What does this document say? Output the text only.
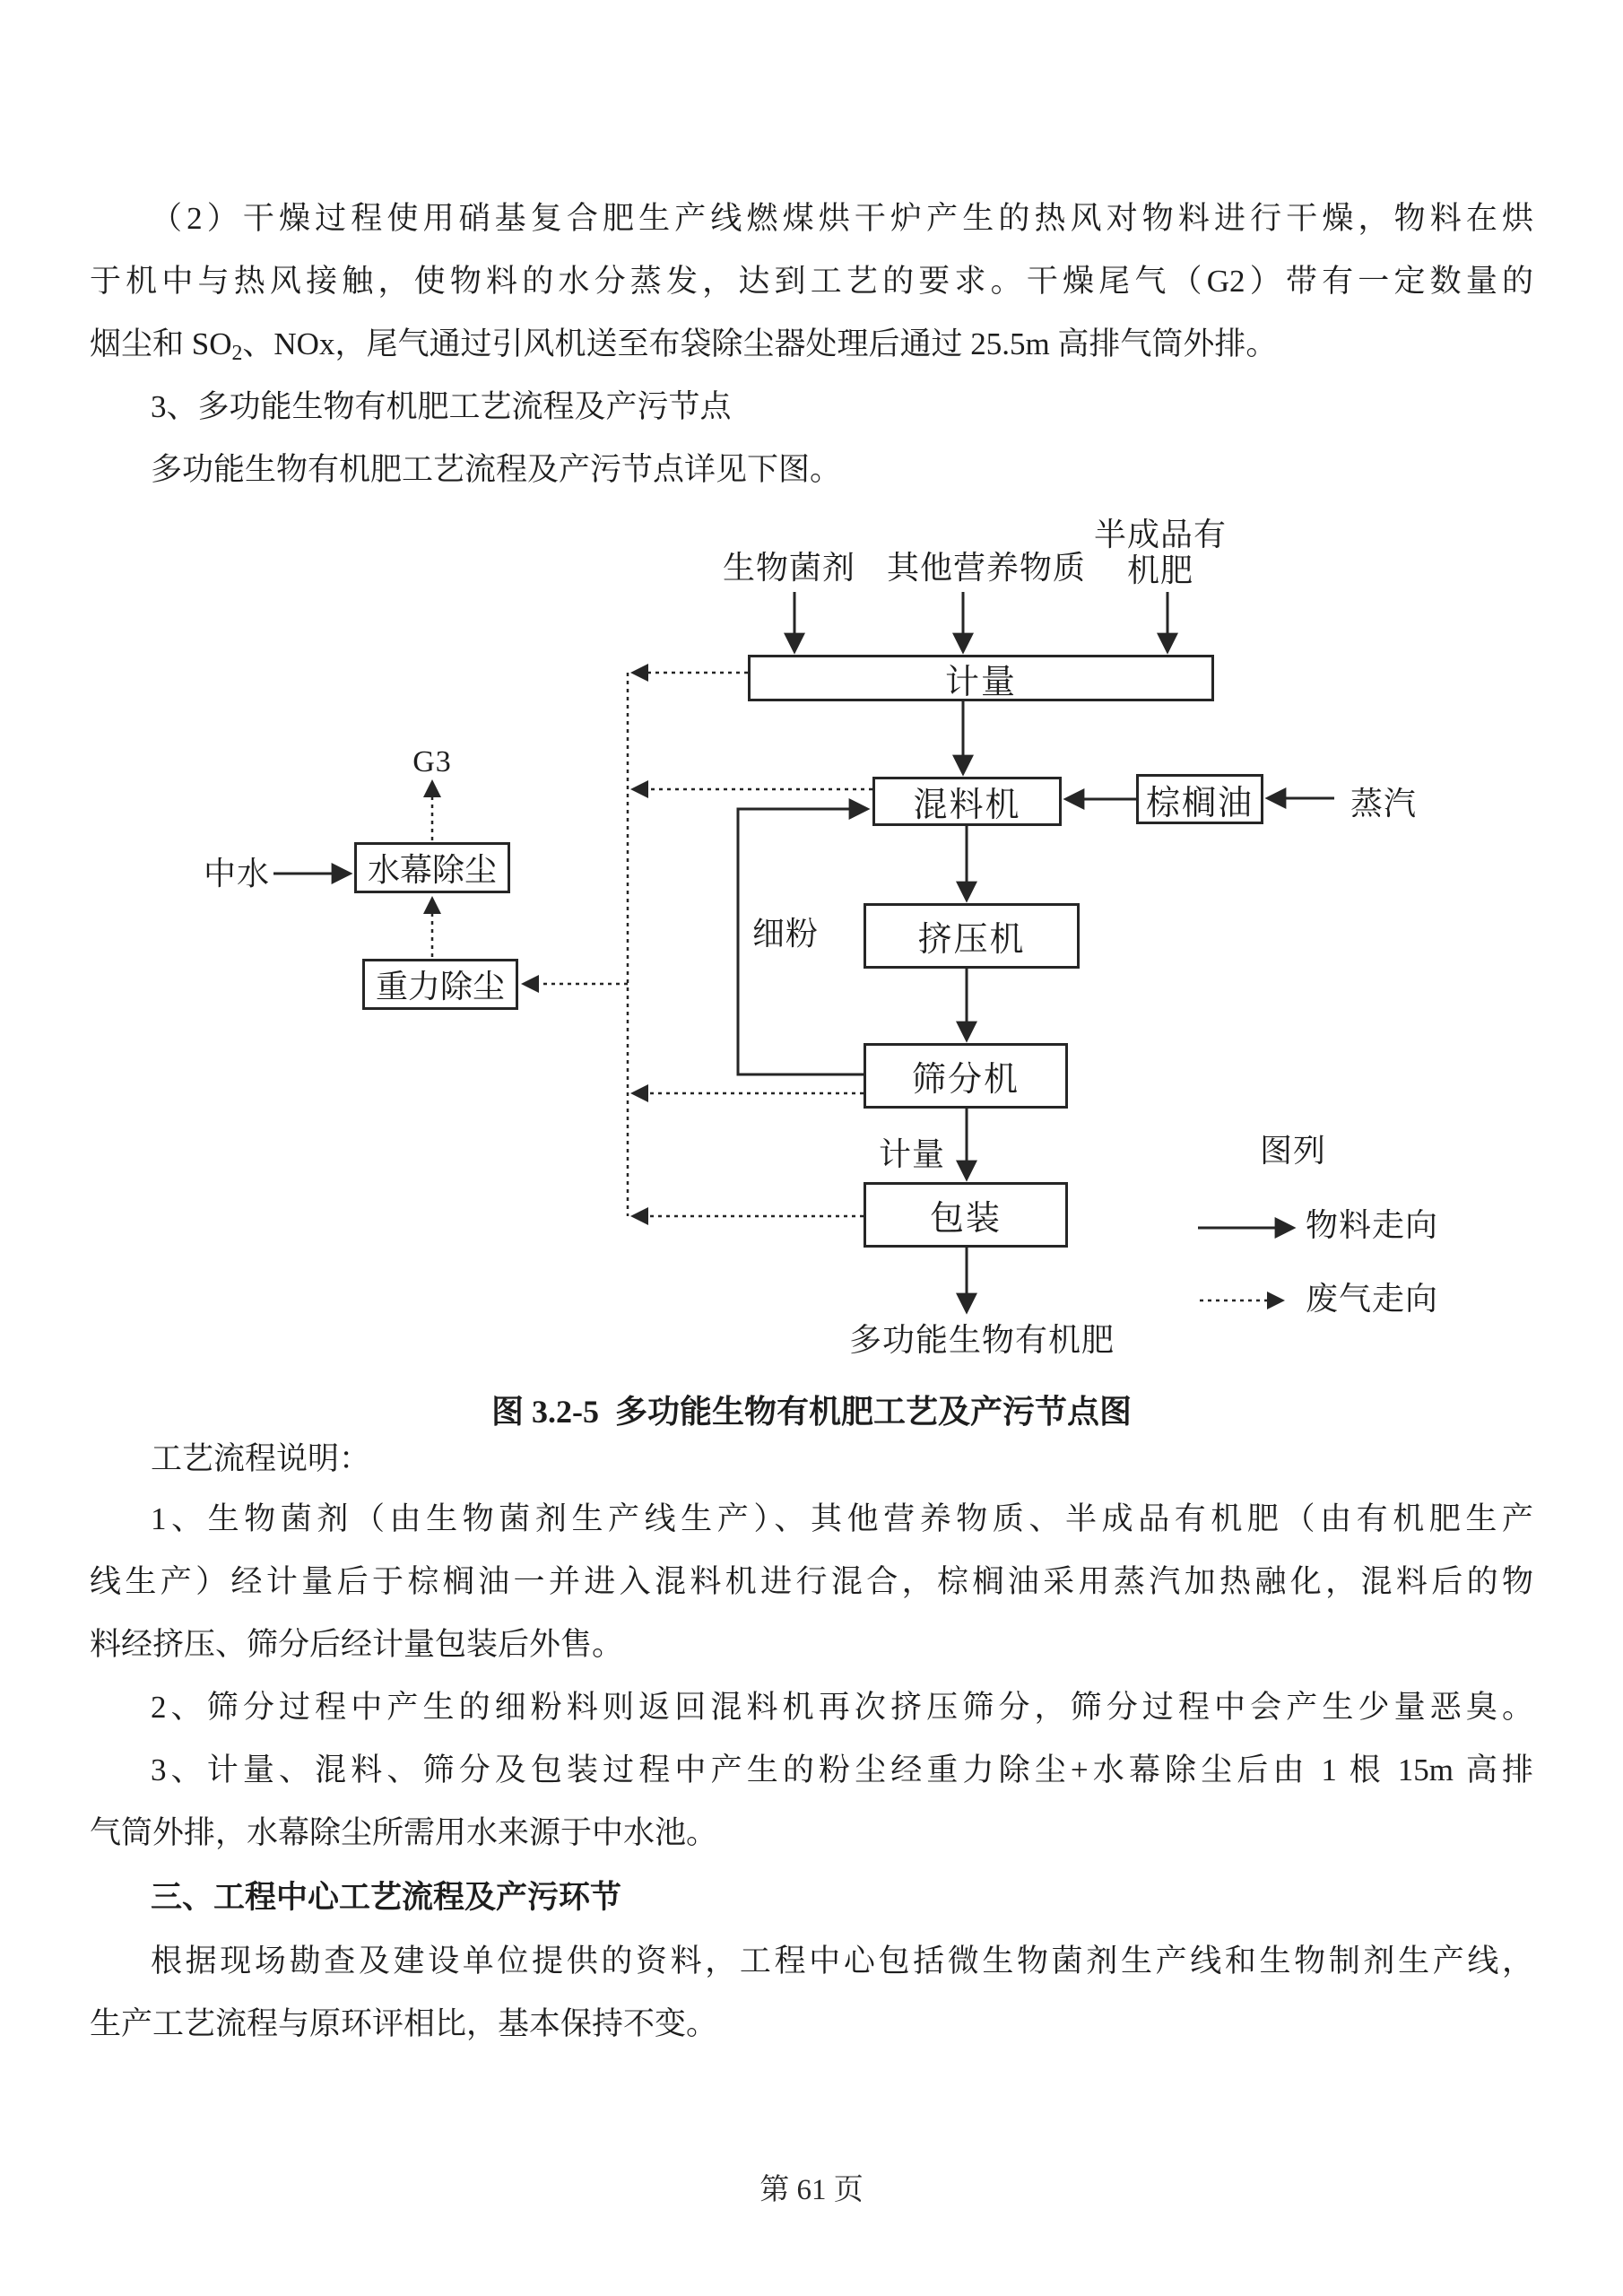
（2）干燥过程使用硝基复合肥生产线燃煤烘干炉产生的热风对物料进行干燥，物料在烘
于机中与热风接触，使物料的水分蒸发，达到工艺的要求。干燥尾气（G2）带有一定数量的
烟尘和 $SO_2$、NOx，尾气通过引风机送至布袋除尘器处理后通过 25.5m 高排气筒外排。
3、多功能生物有机肥工艺流程及产污节点
多功能生物有机肥工艺流程及产污节点详见下图。
生物菌剂 其他营养物质
半成品有
机肥
计量
混料机	棕榈油
挤压机
筛分机
包装
水幕除尘
重力除尘
G3
中水
蒸汽
细粉
计量
多功能生物有机肥
图列
物料走向
废气走向
图 3.2-5  多功能生物有机肥工艺及产污节点图
工艺流程说明：
1、生物菌剂（由生物菌剂生产线生产）、其他营养物质、半成品有机肥（由有机肥生产
线生产）经计量后于棕榈油一并进入混料机进行混合，棕榈油采用蒸汽加热融化，混料后的物
料经挤压、筛分后经计量包装后外售。
2、筛分过程中产生的细粉料则返回混料机再次挤压筛分，筛分过程中会产生少量恶臭。
3、计量、混料、筛分及包装过程中产生的粉尘经重力除尘+水幕除尘后由 1 根 15m 高排
气筒外排，水幕除尘所需用水来源于中水池。
三、工程中心工艺流程及产污环节
根据现场勘查及建设单位提供的资料，工程中心包括微生物菌剂生产线和生物制剂生产线，
生产工艺流程与原环评相比，基本保持不变。
第 61 页
